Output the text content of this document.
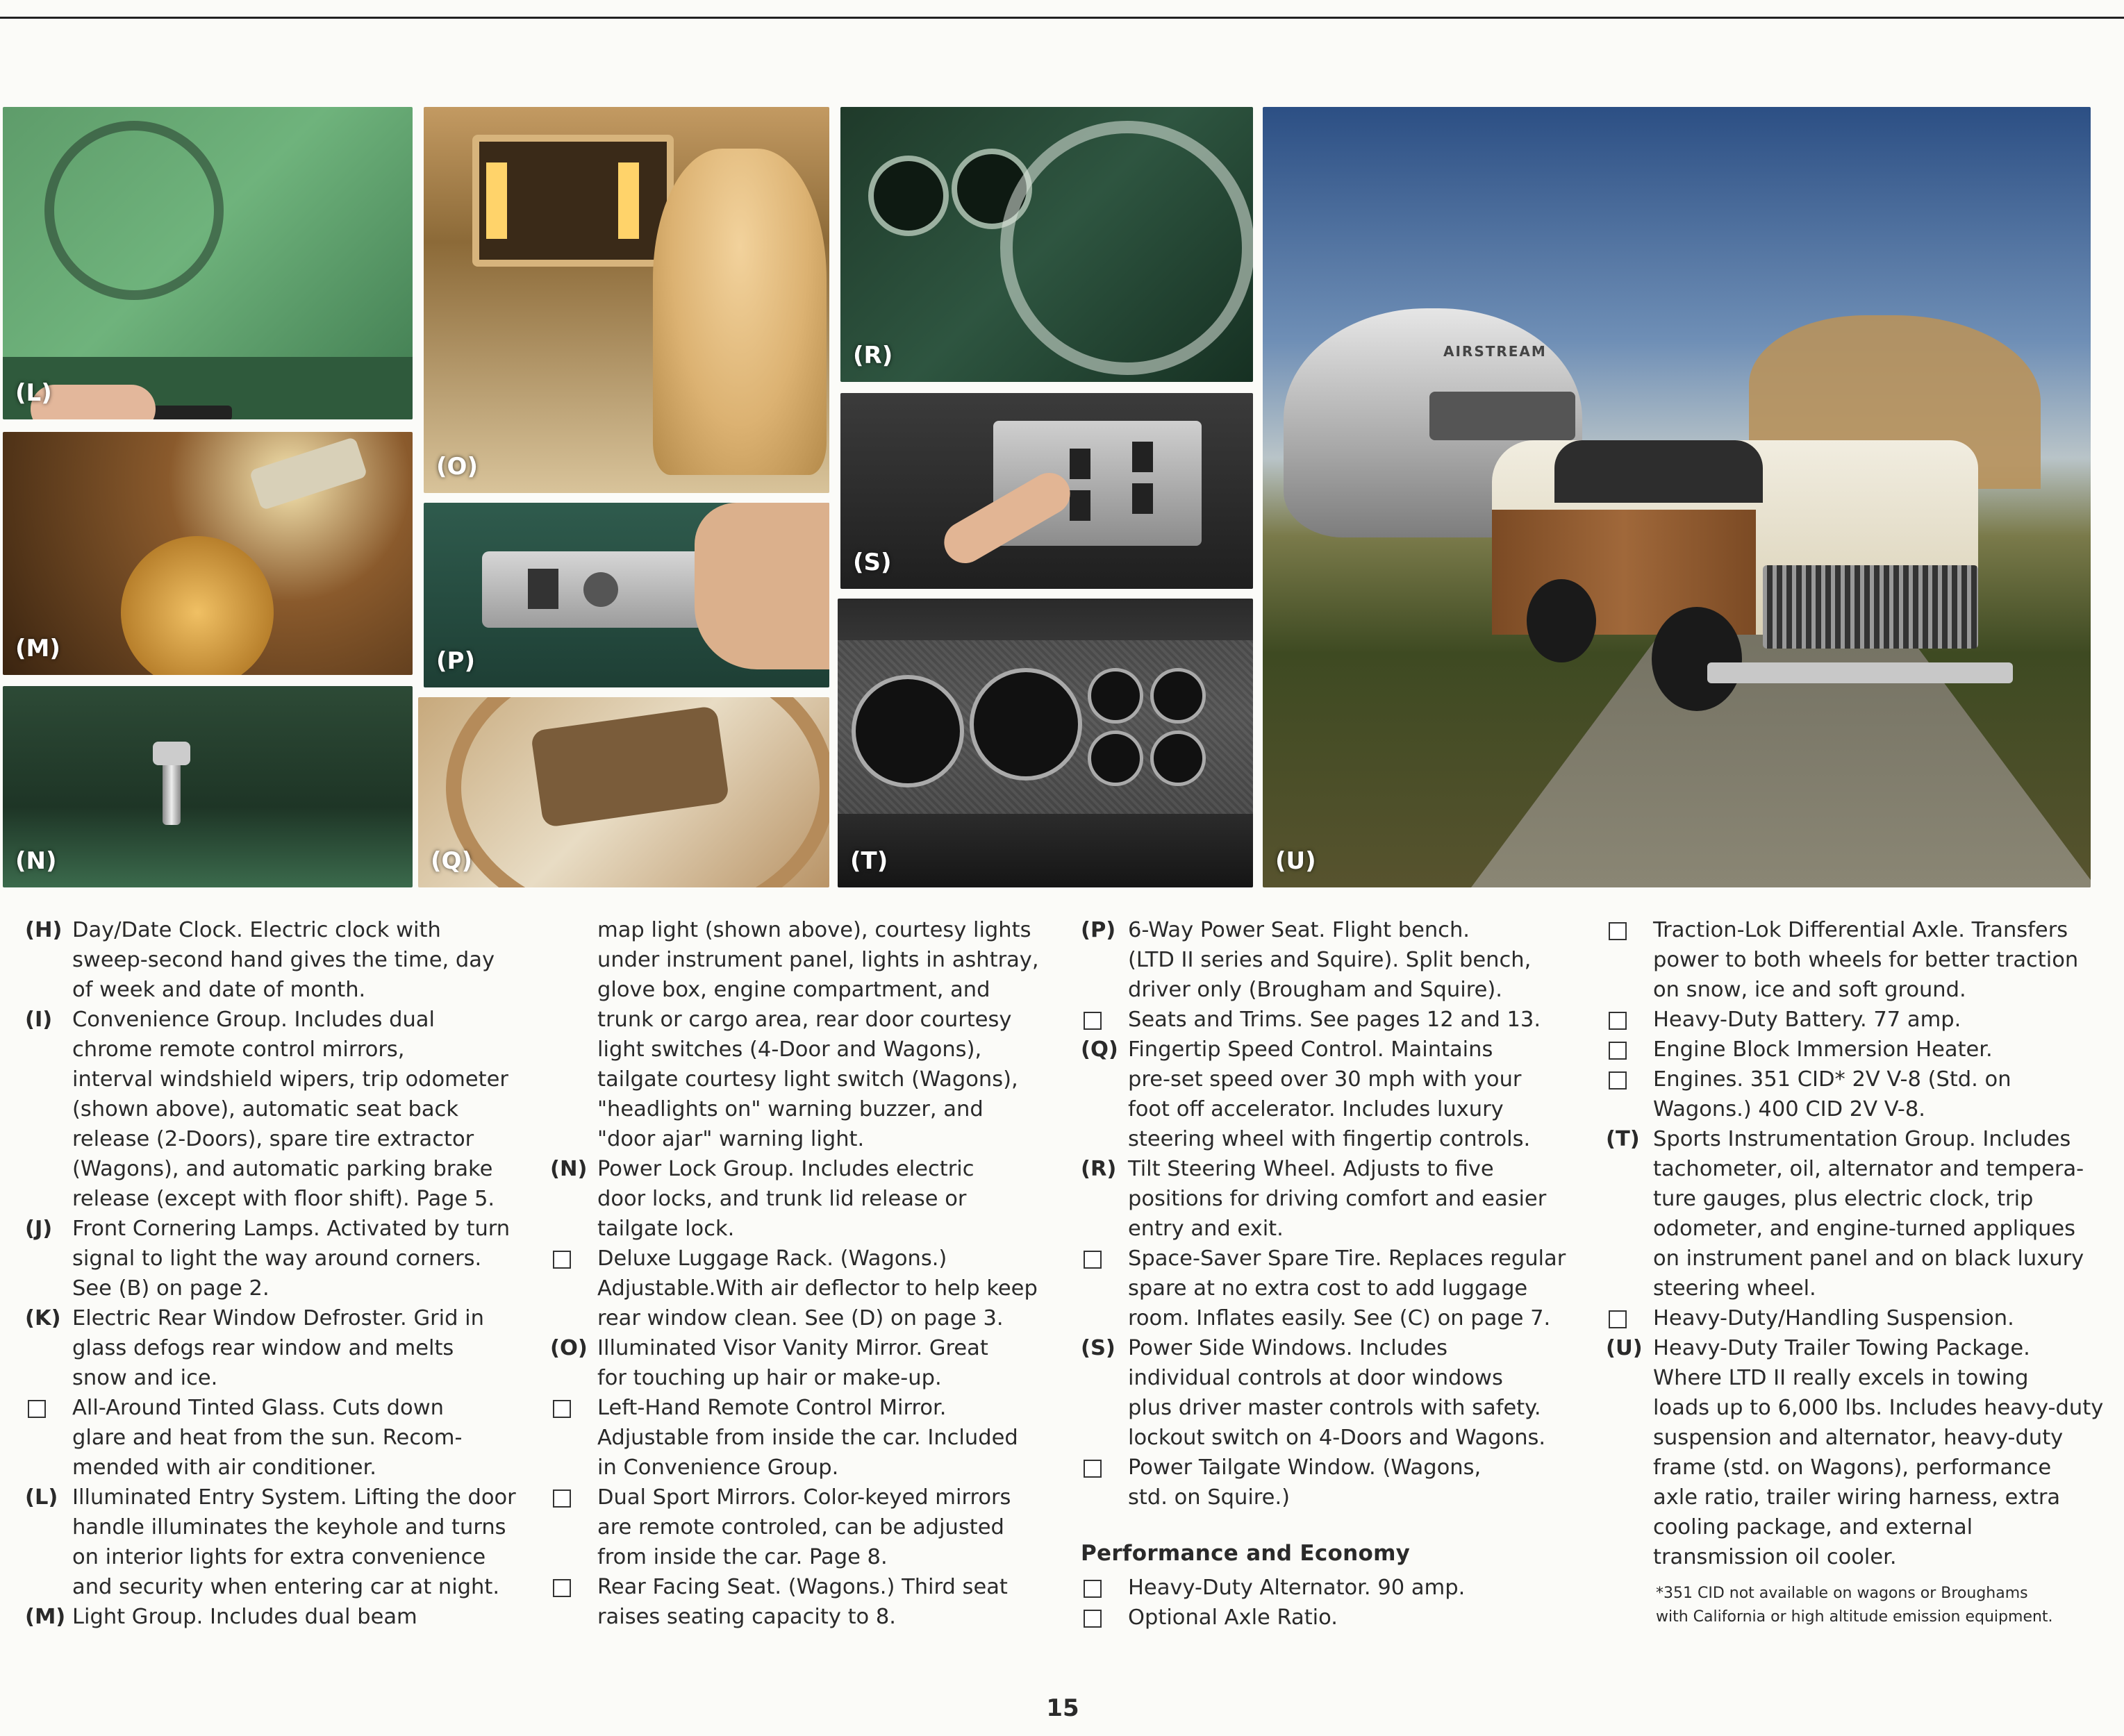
(L)
(M)
(N)
(O)
(P)
(Q)
(R)
(S)
(T)
AIRSTREAM
(U)
(H) Day/Date Clock. Electric clock with
sweep-second hand gives the time, day
of week and date of month.
(I) Convenience Group. Includes dual
chrome remote control mirrors,
interval windshield wipers, trip odometer
(shown above), automatic seat back
release (2-Doors), spare tire extractor
(Wagons), and automatic parking brake
release (except with floor shift). Page 5.
(J) Front Cornering Lamps. Activated by turn
signal to light the way around corners.
See (B) on page 2.
(K) Electric Rear Window Defroster. Grid in
glass defogs rear window and melts
snow and ice.
All-Around Tinted Glass. Cuts down
glare and heat from the sun. Recom-
mended with air conditioner.
(L) Illuminated Entry System. Lifting the door
handle illuminates the keyhole and turns
on interior lights for extra convenience
and security when entering car at night.
(M) Light Group. Includes dual beam
map light (shown above), courtesy lights
under instrument panel, lights in ashtray,
glove box, engine compartment, and
trunk or cargo area, rear door courtesy
light switches (4-Door and Wagons),
tailgate courtesy light switch (Wagons),
"headlights on" warning buzzer, and
"door ajar" warning light.
(N) Power Lock Group. Includes electric
door locks, and trunk lid release or
tailgate lock.
Deluxe Luggage Rack. (Wagons.)
Adjustable.With air deflector to help keep
rear window clean. See (D) on page 3.
(O) Illuminated Visor Vanity Mirror. Great
for touching up hair or make-up.
Left-Hand Remote Control Mirror.
Adjustable from inside the car. Included
in Convenience Group.
Dual Sport Mirrors. Color-keyed mirrors
are remote controled, can be adjusted
from inside the car. Page 8.
Rear Facing Seat. (Wagons.) Third seat
raises seating capacity to 8.
(P) 6-Way Power Seat. Flight bench.
(LTD II series and Squire). Split bench,
driver only (Brougham and Squire).
Seats and Trims. See pages 12 and 13.
(Q) Fingertip Speed Control. Maintains
pre-set speed over 30 mph with your
foot off accelerator. Includes luxury
steering wheel with fingertip controls.
(R) Tilt Steering Wheel. Adjusts to five
positions for driving comfort and easier
entry and exit.
Space-Saver Spare Tire. Replaces regular
spare at no extra cost to add luggage
room. Inflates easily. See (C) on page 7.
(S) Power Side Windows. Includes
individual controls at door windows
plus driver master controls with safety.
lockout switch on 4-Doors and Wagons.
Power Tailgate Window. (Wagons,
std. on Squire.)
Performance and Economy
Heavy-Duty Alternator. 90 amp.
Optional Axle Ratio.
Traction-Lok Differential Axle. Transfers
power to both wheels for better traction
on snow, ice and soft ground.
Heavy-Duty Battery. 77 amp.
Engine Block Immersion Heater.
Engines. 351 CID* 2V V-8 (Std. on
Wagons.) 400 CID 2V V-8.
(T) Sports Instrumentation Group. Includes
tachometer, oil, alternator and tempera-
ture gauges, plus electric clock, trip
odometer, and engine-turned appliques
on instrument panel and on black luxury
steering wheel.
Heavy-Duty/Handling Suspension.
(U) Heavy-Duty Trailer Towing Package.
Where LTD II really excels in towing
loads up to 6,000 lbs. Includes heavy-duty
suspension and alternator, heavy-duty
frame (std. on Wagons), performance
axle ratio, trailer wiring harness, extra
cooling package, and external
transmission oil cooler.
*351 CID not available on wagons or Broughams
with California or high altitude emission equipment.
15
